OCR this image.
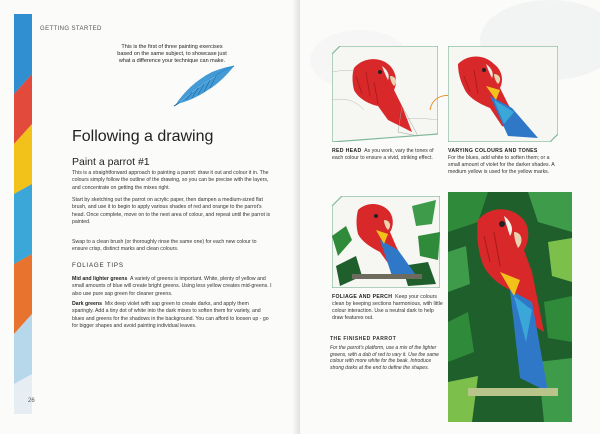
GETTING STARTED
This is the first of three painting exercises based on the same subject, to showcase just what a difference your technique can make.
Following a drawing
Paint a parrot #1

This is a straightforward approach to painting a parrot: draw it out and colour it in. The colours simply follow the outline of the drawing, so you can be precise with the layers, and concentrate on getting the mixes right.

Start by sketching out the parrot on acrylic paper, then dampen a medium-sized flat brush, and use it to begin to apply various shades of red and orange to the parrot's head. Once complete, move on to the next area of colour, and repeat until the parrot is painted.

Swap to a clean brush (or thoroughly rinse the same one) for each new colour to ensure crisp, distinct marks and clean colours.

FOLIAGE TIPS

Mid and lighter greens A variety of greens is important. White, plenty of yellow and small amounts of blue will create bright greens. Using less yellow creates mid-greens. I also use pure sap green for cleaner greens.

Dark greens Mix deep violet with sap green to create darks, and apply them sparingly. Add a tiny dot of white into the dark mixes to soften them for variety, and blues and greens for the shadows in the background. You can afford to loosen up - go for bigger shapes and avoid painting individual leaves.

26
RED HEAD As you work, vary the tones of each colour to ensure a vivid, striking effect.
VARYING COLOURS AND TONES
For the blues, add white to soften them; or a small amount of violet for the darker shades. A medium yellow is used for the yellow marks.
FOLIAGE AND PERCH Keep your colours clean by keeping sections harmonious, with little colour interaction. Use a neutral dark to help draw features out.
THE FINISHED PARROT
For the parrot's platform, use a mix of the lighter greens, with a dab of red to vary it. Use the same colour with more white for the beak. Introduce strong darks at the end to define the shapes.
